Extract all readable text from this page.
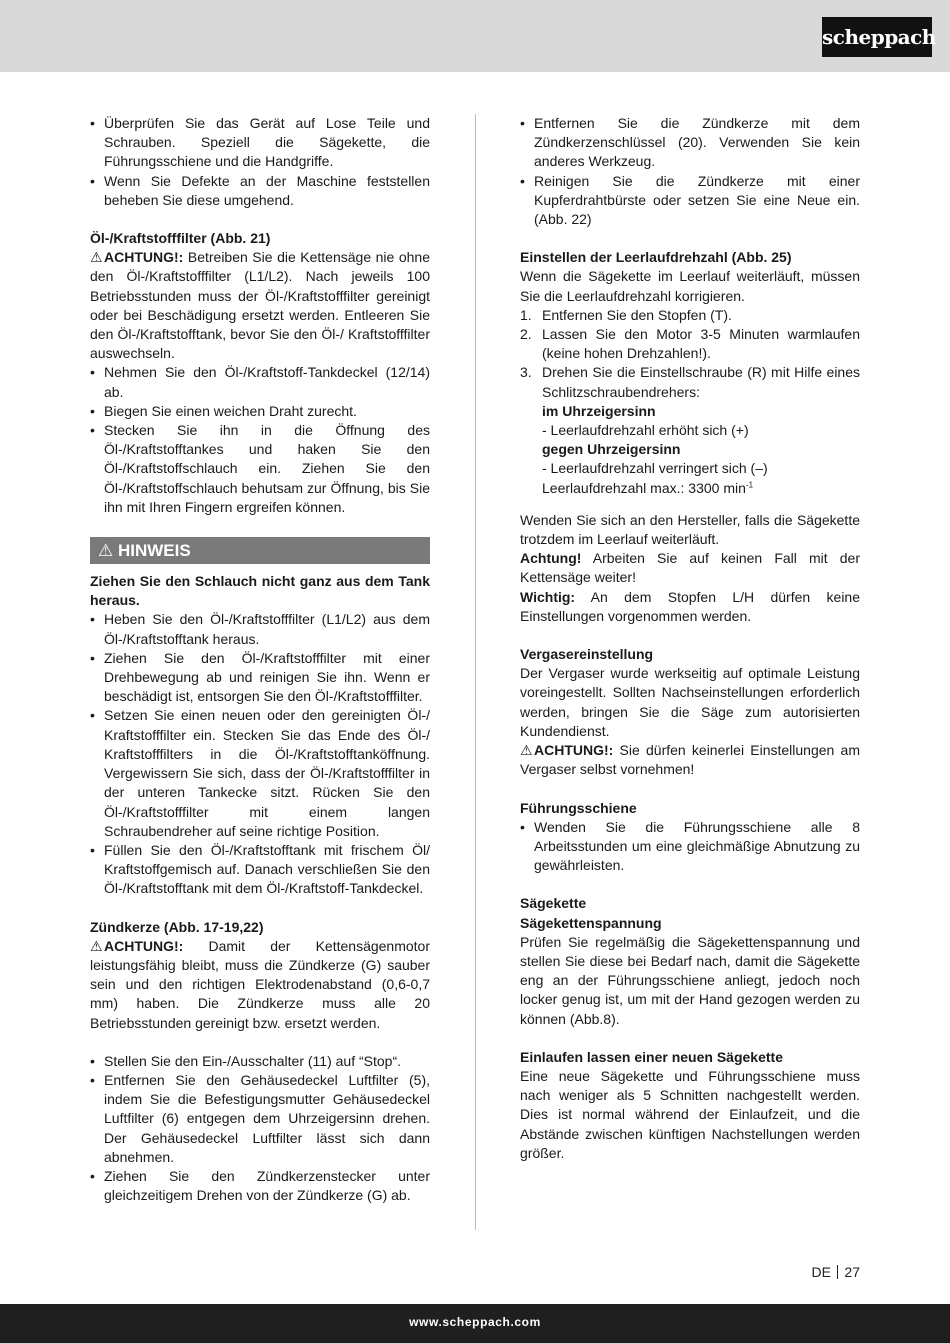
scheppach
• Überprüfen Sie das Gerät auf Lose Teile und Schrauben. Speziell die Sägekette, die Führungsschiene und die Handgriffe.
• Wenn Sie Defekte an der Maschine feststellen beheben Sie diese umgehend.

Öl-/Kraftstofffilter (Abb. 21)

⚠ACHTUNG!: Betreiben Sie die Kettensäge nie ohne den Öl-/Kraftstofffilter (L1/L2). Nach jeweils 100 Betriebsstunden muss der Öl-/Kraftstofffilter gereinigt oder bei Beschädigung ersetzt werden. Entleeren Sie den Öl-/Kraftstofftank, bevor Sie den Öl-/ Kraftstofffilter auswechseln.

• Nehmen Sie den Öl-/Kraftstoff-Tankdeckel (12/14) ab.
• Biegen Sie einen weichen Draht zurecht.
• Stecken Sie ihn in die Öffnung des Öl-/Kraftstofftankes und haken Sie den Öl-/Kraftstoffschlauch ein. Ziehen Sie den Öl-/Kraftstoffschlauch behutsam zur Öffnung, bis Sie ihn mit Ihren Fingern ergreifen können.
⚠ HINWEIS

Ziehen Sie den Schlauch nicht ganz aus dem Tank heraus.

• Heben Sie den Öl-/Kraftstofffilter (L1/L2) aus dem Öl-/Kraftstofftank heraus.
• Ziehen Sie den Öl-/Kraftstofffilter mit einer Drehbewegung ab und reinigen Sie ihn. Wenn er beschädigt ist, entsorgen Sie den Öl-/Kraftstofffilter.
• Setzen Sie einen neuen oder den gereinigten Öl-/ Kraftstofffilter ein. Stecken Sie das Ende des Öl-/ Kraftstofffilters in die Öl-/Kraftstofftanköffnung. Vergewissern Sie sich, dass der Öl-/Kraftstofffilter in der unteren Tankecke sitzt. Rücken Sie den Öl-/Kraftstofffilter mit einem langen Schraubendreher auf seine richtige Position.
• Füllen Sie den Öl-/Kraftstofftank mit frischem Öl/ Kraftstoffgemisch auf. Danach verschließen Sie den Öl-/Kraftstofftank mit dem Öl-/Kraftstoff-Tankdeckel.

Zündkerze (Abb. 17-19,22)

⚠ACHTUNG!: Damit der Kettensägenmotor leistungsfähig bleibt, muss die Zündkerze (G) sauber sein und den richtigen Elektrodenabstand (0,6-0,7 mm) haben. Die Zündkerze muss alle 20 Betriebsstunden gereinigt bzw. ersetzt werden.

• Stellen Sie den Ein-/Ausschalter (11) auf “Stop“.
• Entfernen Sie den Gehäusedeckel Luftfilter (5), indem Sie die Befestigungsmutter Gehäusedeckel Luftfilter (6) entgegen dem Uhrzeigersinn drehen. Der Gehäusedeckel Luftfilter lässt sich dann abnehmen.
• Ziehen Sie den Zündkerzenstecker unter gleichzeitigem Drehen von der Zündkerze (G) ab.
• Entfernen Sie die Zündkerze mit dem Zündkerzenschlüssel (20). Verwenden Sie kein anderes Werkzeug.
• Reinigen Sie die Zündkerze mit einer Kupferdrahtbürste oder setzen Sie eine Neue ein. (Abb. 22)

Einstellen der Leerlaufdrehzahl (Abb. 25)

Wenn die Sägekette im Leerlauf weiterläuft, müssen Sie die Leerlaufdrehzahl korrigieren.

1. Entfernen Sie den Stopfen (T).
2. Lassen Sie den Motor 3-5 Minuten warmlaufen (keine hohen Drehzahlen!).
3. Drehen Sie die Einstellschraube (R) mit Hilfe eines Schlitzschraubendrehers:
im Uhrzeigersinn
- Leerlaufdrehzahl erhöht sich (+)
gegen Uhrzeigersinn
- Leerlaufdrehzahl verringert sich (–)
Leerlaufdrehzahl max.: 3300 $\min^{-1}$

Wenden Sie sich an den Hersteller, falls die Sägekette trotzdem im Leerlauf weiterläuft.

Achtung! Arbeiten Sie auf keinen Fall mit der Kettensäge weiter!

Wichtig: An dem Stopfen L/H dürfen keine Einstellungen vorgenommen werden.

Vergasereinstellung

Der Vergaser wurde werkseitig auf optimale Leistung voreingestellt. Sollten Nachseinstellungen erforderlich werden, bringen Sie die Säge zum autorisierten Kundendienst.

⚠ACHTUNG!: Sie dürfen keinerlei Einstellungen am Vergaser selbst vornehmen!

Führungsschiene

• Wenden Sie die Führungsschiene alle 8 Arbeitsstunden um eine gleichmäßige Abnutzung zu gewährleisten.

Sägekette

Sägekettenspannung

Prüfen Sie regelmäßig die Sägekettenspannung und stellen Sie diese bei Bedarf nach, damit die Sägekette eng an der Führungsschiene anliegt, jedoch noch locker genug ist, um mit der Hand gezogen werden zu können (Abb.8).

Einlaufen lassen einer neuen Sägekette

Eine neue Sägekette und Führungsschiene muss nach weniger als 5 Schnitten nachgestellt werden. Dies ist normal während der Einlaufzeit, und die Abstände zwischen künftigen Nachstellungen werden größer.

DE 27
www.scheppach.com
